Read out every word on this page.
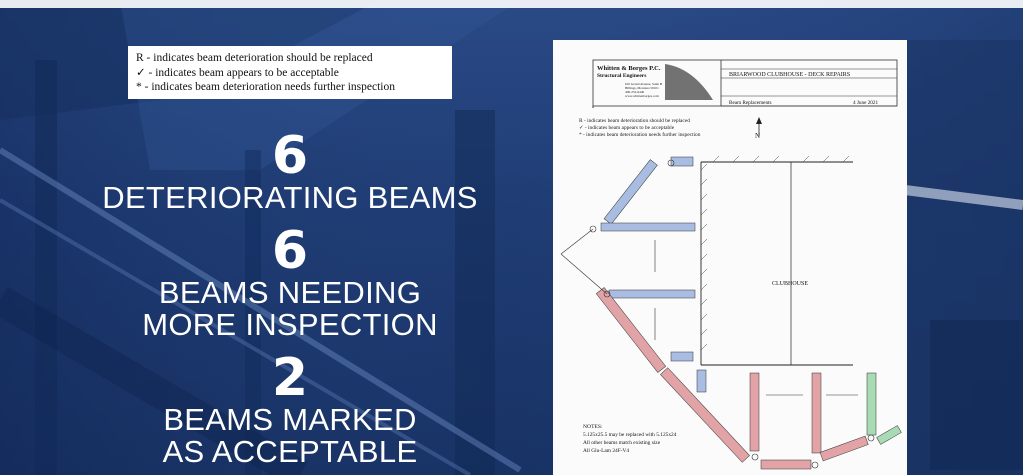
R - indicates beam deterioration should be replaced
✓ - indicates beam appears to be acceptable
* - indicates beam deterioration needs further inspection
6
DETERIORATING BEAMS
6
BEAMS NEEDING
MORE INSPECTION
2
BEAMS MARKED
AS ACCEPTABLE
Whitten & Borges P.C.
Structural Engineers
610 Grand Avenue, Suite B
Billings, Montana 59101
406-252-6440
www.whittenborges.com
BRIARWOOD CLUBHOUSE - DECK REPAIRS
Beam Replacements	4 June 2021
R - indicates beam deterioration should be replaced
✓ - indicates beam appears to be acceptable
* - indicates beam deterioration needs further inspection	N
CLUBHOUSE
NOTES:
5.125x25.5 may be replaced with 5.125x24
All other beams match existing size
All Glu-Lam 24F-V4
